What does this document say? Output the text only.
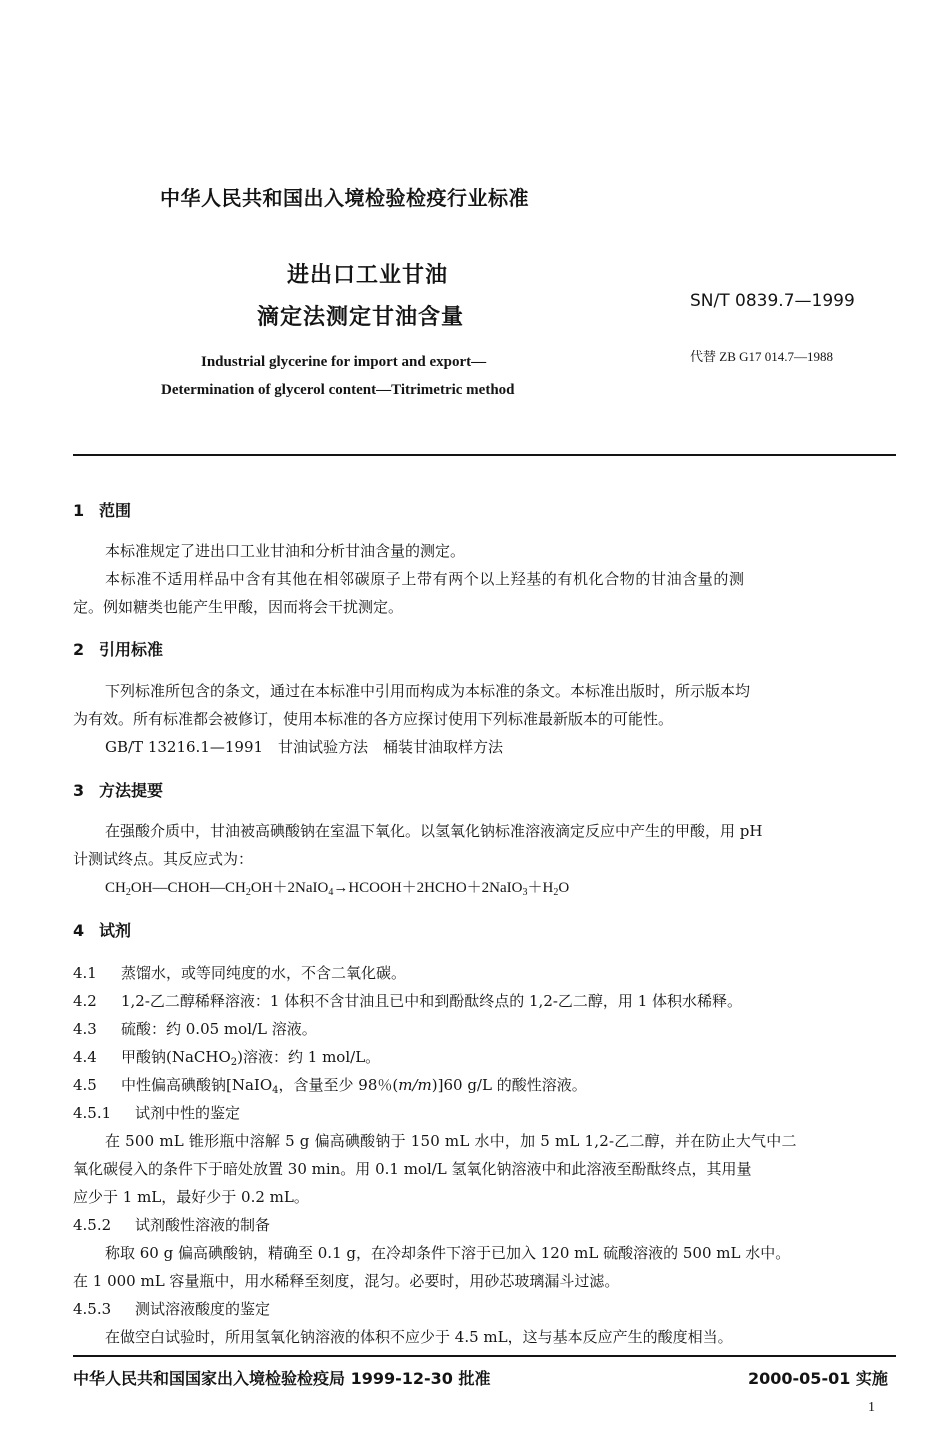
中华人民共和国出入境检验检疫行业标准
进出口工业甘油
滴定法测定甘油含量
SN/T 0839.7—1999
Industrial glycerine for import and export—
Determination of glycerol content—Titrimetric method
代替 ZB G17 014.7—1988
1 范围
本标准规定了进出口工业甘油和分析甘油含量的测定。
本标准不适用样品中含有其他在相邻碳原子上带有两个以上羟基的有机化合物的甘油含量的测
定。例如糖类也能产生甲酸，因而将会干扰测定。
2 引用标准
下列标准所包含的条文，通过在本标准中引用而构成为本标准的条文。本标准出版时，所示版本均
为有效。所有标准都会被修订，使用本标准的各方应探讨使用下列标准最新版本的可能性。
GB/T 13216.1—1991　甘油试验方法　桶装甘油取样方法
3 方法提要
在强酸介质中，甘油被高碘酸钠在室温下氧化。以氢氧化钠标准溶液滴定反应中产生的甲酸，用 pH
计测试终点。其反应式为：
$CH_2OH—CHOH—CH_2OH+2NaIO_4\to HCOOH+2HCHO+2NaIO_3+H_2O$
4 试剂
4.1 蒸馏水，或等同纯度的水，不含二氧化碳。
4.2 1,2-乙二醇稀释溶液：1 体积不含甘油且已中和到酚酞终点的 1,2-乙二醇，用 1 体积水稀释。
4.3 硫酸：约 0.05 mol/L 溶液。
4.4 甲酸钠(NaCHO$_2$)溶液：约 1 mol/L。
4.5 中性偏高碘酸钠[NaIO$_4$，含量至少 98％(m/m)]60 g/L 的酸性溶液。
4.5.1 试剂中性的鉴定
在 500 mL 锥形瓶中溶解 5 g 偏高碘酸钠于 150 mL 水中，加 5 mL 1,2-乙二醇，并在防止大气中二
氧化碳侵入的条件下于暗处放置 30 min。用 0.1 mol/L 氢氧化钠溶液中和此溶液至酚酞终点，其用量
应少于 1 mL，最好少于 0.2 mL。
4.5.2 试剂酸性溶液的制备
称取 60 g 偏高碘酸钠，精确至 0.1 g，在冷却条件下溶于已加入 120 mL 硫酸溶液的 500 mL 水中。
在 1 000 mL 容量瓶中，用水稀释至刻度，混匀。必要时，用砂芯玻璃漏斗过滤。
4.5.3 测试溶液酸度的鉴定
在做空白试验时，所用氢氧化钠溶液的体积不应少于 4.5 mL，这与基本反应产生的酸度相当。
中华人民共和国国家出入境检验检疫局 1999-12-30 批准	2000-05-01 实施
1
